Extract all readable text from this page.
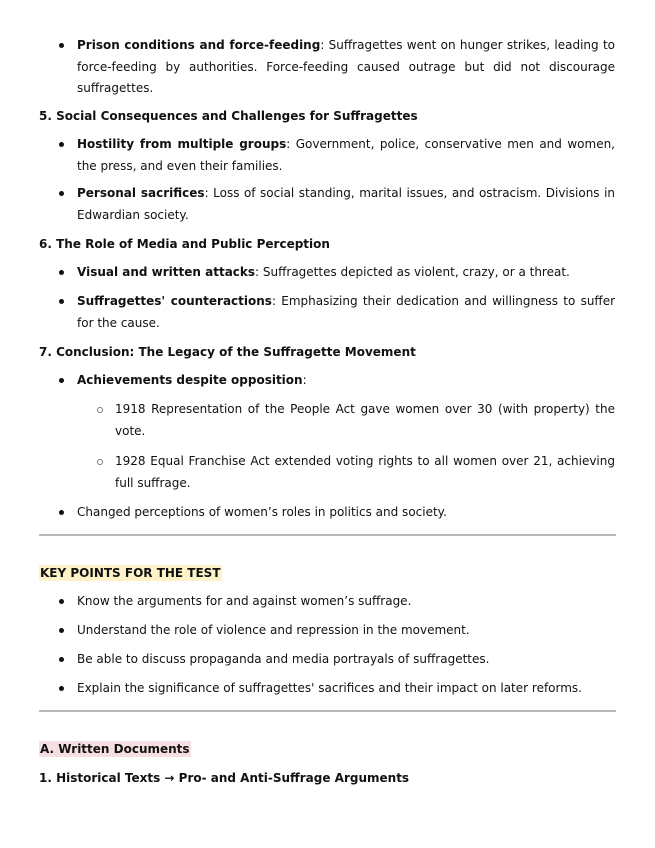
Prison conditions and force-feeding: Suffragettes went on hunger strikes, leading to force-feeding by authorities. Force-feeding caused outrage but did not discourage suffragettes.
5. Social Consequences and Challenges for Suffragettes
Hostility from multiple groups: Government, police, conservative men and women, the press, and even their families.
Personal sacrifices: Loss of social standing, marital issues, and ostracism. Divisions in Edwardian society.
6. The Role of Media and Public Perception
Visual and written attacks: Suffragettes depicted as violent, crazy, or a threat.
Suffragettes' counteractions: Emphasizing their dedication and willingness to suffer for the cause.
7. Conclusion: The Legacy of the Suffragette Movement
Achievements despite opposition:
1918 Representation of the People Act gave women over 30 (with property) the vote.
1928 Equal Franchise Act extended voting rights to all women over 21, achieving full suffrage.
Changed perceptions of women’s roles in politics and society.
KEY POINTS FOR THE TEST
Know the arguments for and against women’s suffrage.
Understand the role of violence and repression in the movement.
Be able to discuss propaganda and media portrayals of suffragettes.
Explain the significance of suffragettes' sacrifices and their impact on later reforms.
A. Written Documents
1. Historical Texts → Pro- and Anti-Suffrage Arguments
